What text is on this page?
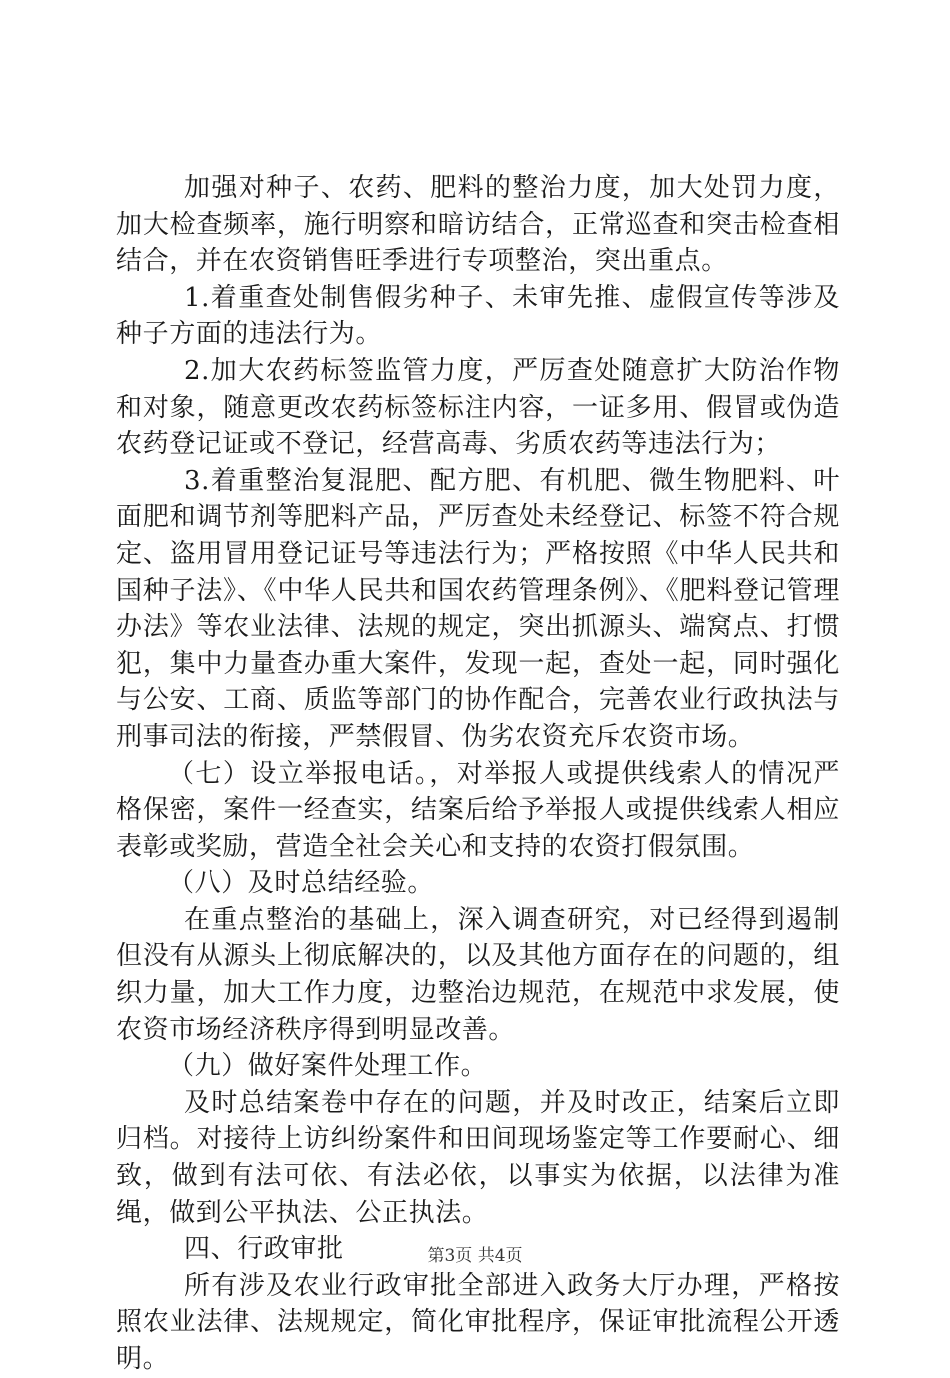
加强对种子、农药、肥料的整治力度，加大处罚力度，加大检查频率，施行明察和暗访结合，正常巡查和突击检查相结合，并在农资销售旺季进行专项整治，突出重点。

1.着重查处制售假劣种子、未审先推、虚假宣传等涉及种子方面的违法行为。

2.加大农药标签监管力度，严厉查处随意扩大防治作物和对象，随意更改农药标签标注内容，一证多用、假冒或伪造农药登记证或不登记，经营高毒、劣质农药等违法行为；

3.着重整治复混肥、配方肥、有机肥、微生物肥料、叶面肥和调节剂等肥料产品，严厉查处未经登记、标签不符合规定、盗用冒用登记证号等违法行为；严格按照《中华人民共和国种子法》、《中华人民共和国农药管理条例》、《肥料登记管理办法》等农业法律、法规的规定，突出抓源头、端窝点、打惯犯，集中力量查办重大案件，发现一起，查处一起，同时强化与公安、工商、质监等部门的协作配合，完善农业行政执法与刑事司法的衔接，严禁假冒、伪劣农资充斥农资市场。

（七）设立举报电话。，对举报人或提供线索人的情况严格保密，案件一经查实，结案后给予举报人或提供线索人相应表彰或奖励，营造全社会关心和支持的农资打假氛围。

（八）及时总结经验。

在重点整治的基础上，深入调查研究，对已经得到遏制但没有从源头上彻底解决的，以及其他方面存在的问题的，组织力量，加大工作力度，边整治边规范，在规范中求发展，使农资市场经济秩序得到明显改善。

（九）做好案件处理工作。

及时总结案卷中存在的问题，并及时改正，结案后立即归档。对接待上访纠纷案件和田间现场鉴定等工作要耐心、细致，做到有法可依、有法必依，以事实为依据，以法律为准绳，做到公平执法、公正执法。

四、行政审批

所有涉及农业行政审批全部进入政务大厅办理，严格按照农业法律、法规规定，简化审批程序，保证审批流程公开透明。

第3页 共4页
